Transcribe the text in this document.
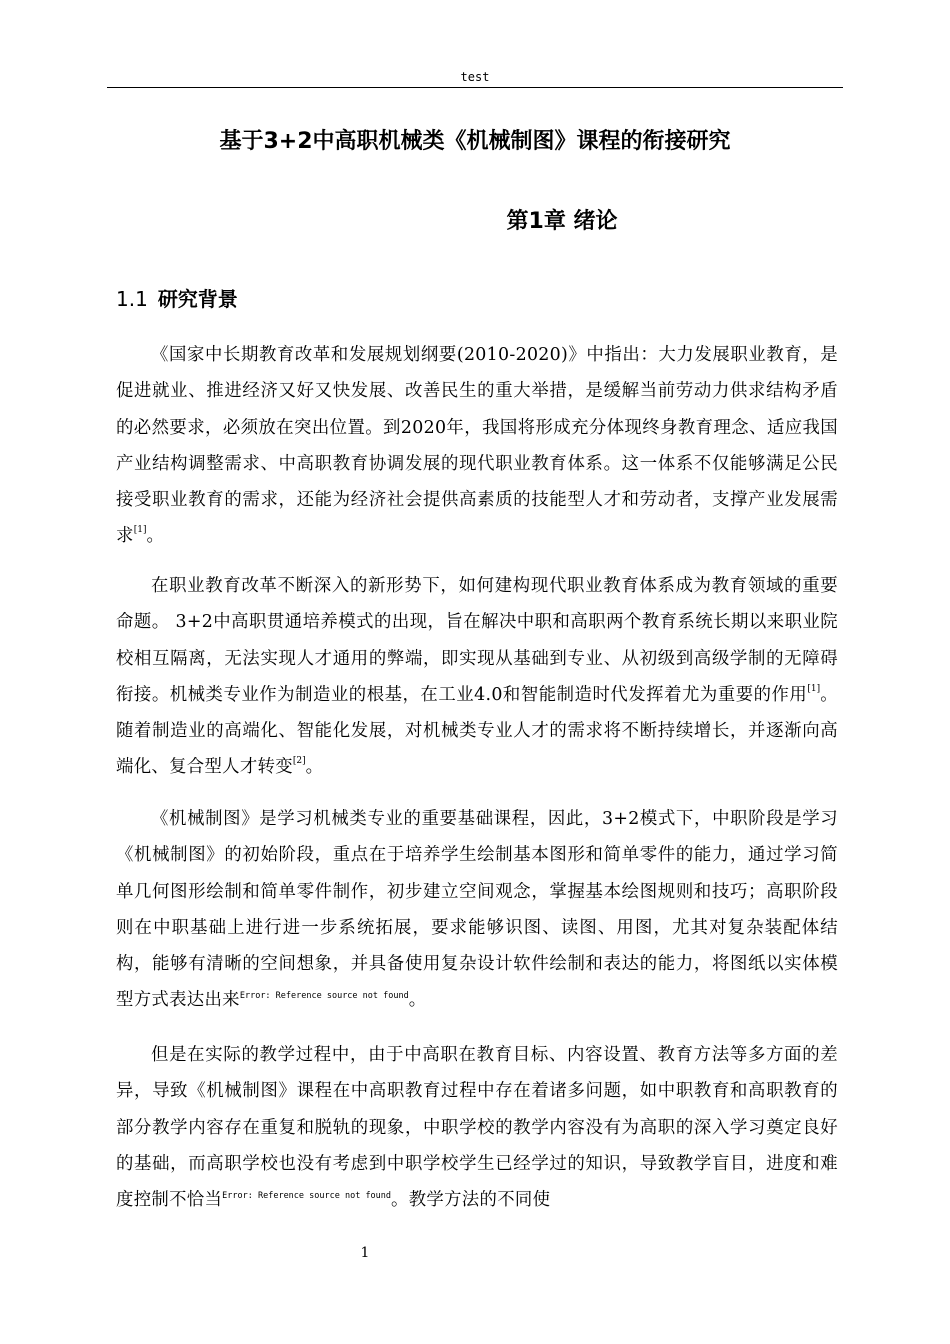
test
基于3+2中高职机械类《机械制图》课程的衔接研究
第1章 绪论
1.1 研究背景

《国家中长期教育改革和发展规划纲要(2010-2020)》中指出：大力发展职业教育，是促进就业、推进经济又好又快发展、改善民生的重大举措，是缓解当前劳动力供求结构矛盾的必然要求，必须放在突出位置。到2020年，我国将形成充分体现终身教育理念、适应我国产业结构调整需求、中高职教育协调发展的现代职业教育体系。这一体系不仅能够满足公民接受职业教育的需求，还能为经济社会提供高素质的技能型人才和劳动者，支撑产业发展需求[1]。

在职业教育改革不断深入的新形势下，如何建构现代职业教育体系成为教育领域的重要命题。 3+2中高职贯通培养模式的出现，旨在解决中职和高职两个教育系统长期以来职业院校相互隔离，无法实现人才通用的弊端，即实现从基础到专业、从初级到高级学制的无障碍衔接。机械类专业作为制造业的根基，在工业4.0和智能制造时代发挥着尤为重要的作用[1]。随着制造业的高端化、智能化发展，对机械类专业人才的需求将不断持续增长，并逐渐向高端化、复合型人才转变[2]。

《机械制图》是学习机械类专业的重要基础课程，因此，3+2模式下，中职阶段是学习《机械制图》的初始阶段，重点在于培养学生绘制基本图形和简单零件的能力，通过学习简单几何图形绘制和简单零件制作，初步建立空间观念，掌握基本绘图规则和技巧；高职阶段则在中职基础上进行进一步系统拓展，要求能够识图、读图、用图，尤其对复杂装配体结构，能够有清晰的空间想象，并具备使用复杂设计软件绘制和表达的能力，将图纸以实体模型方式表达出来$^{Error: Reference source not found}$。

但是在实际的教学过程中，由于中高职在教育目标、内容设置、教育方法等多方面的差异，导致《机械制图》课程在中高职教育过程中存在着诸多问题，如中职教育和高职教育的部分教学内容存在重复和脱轨的现象，中职学校的教学内容没有为高职的深入学习奠定良好的基础，而高职学校也没有考虑到中职学校学生已经学过的知识，导致教学盲目，进度和难度控制不恰当$^{Error: Reference source not found}$。教学方法的不同使

1
